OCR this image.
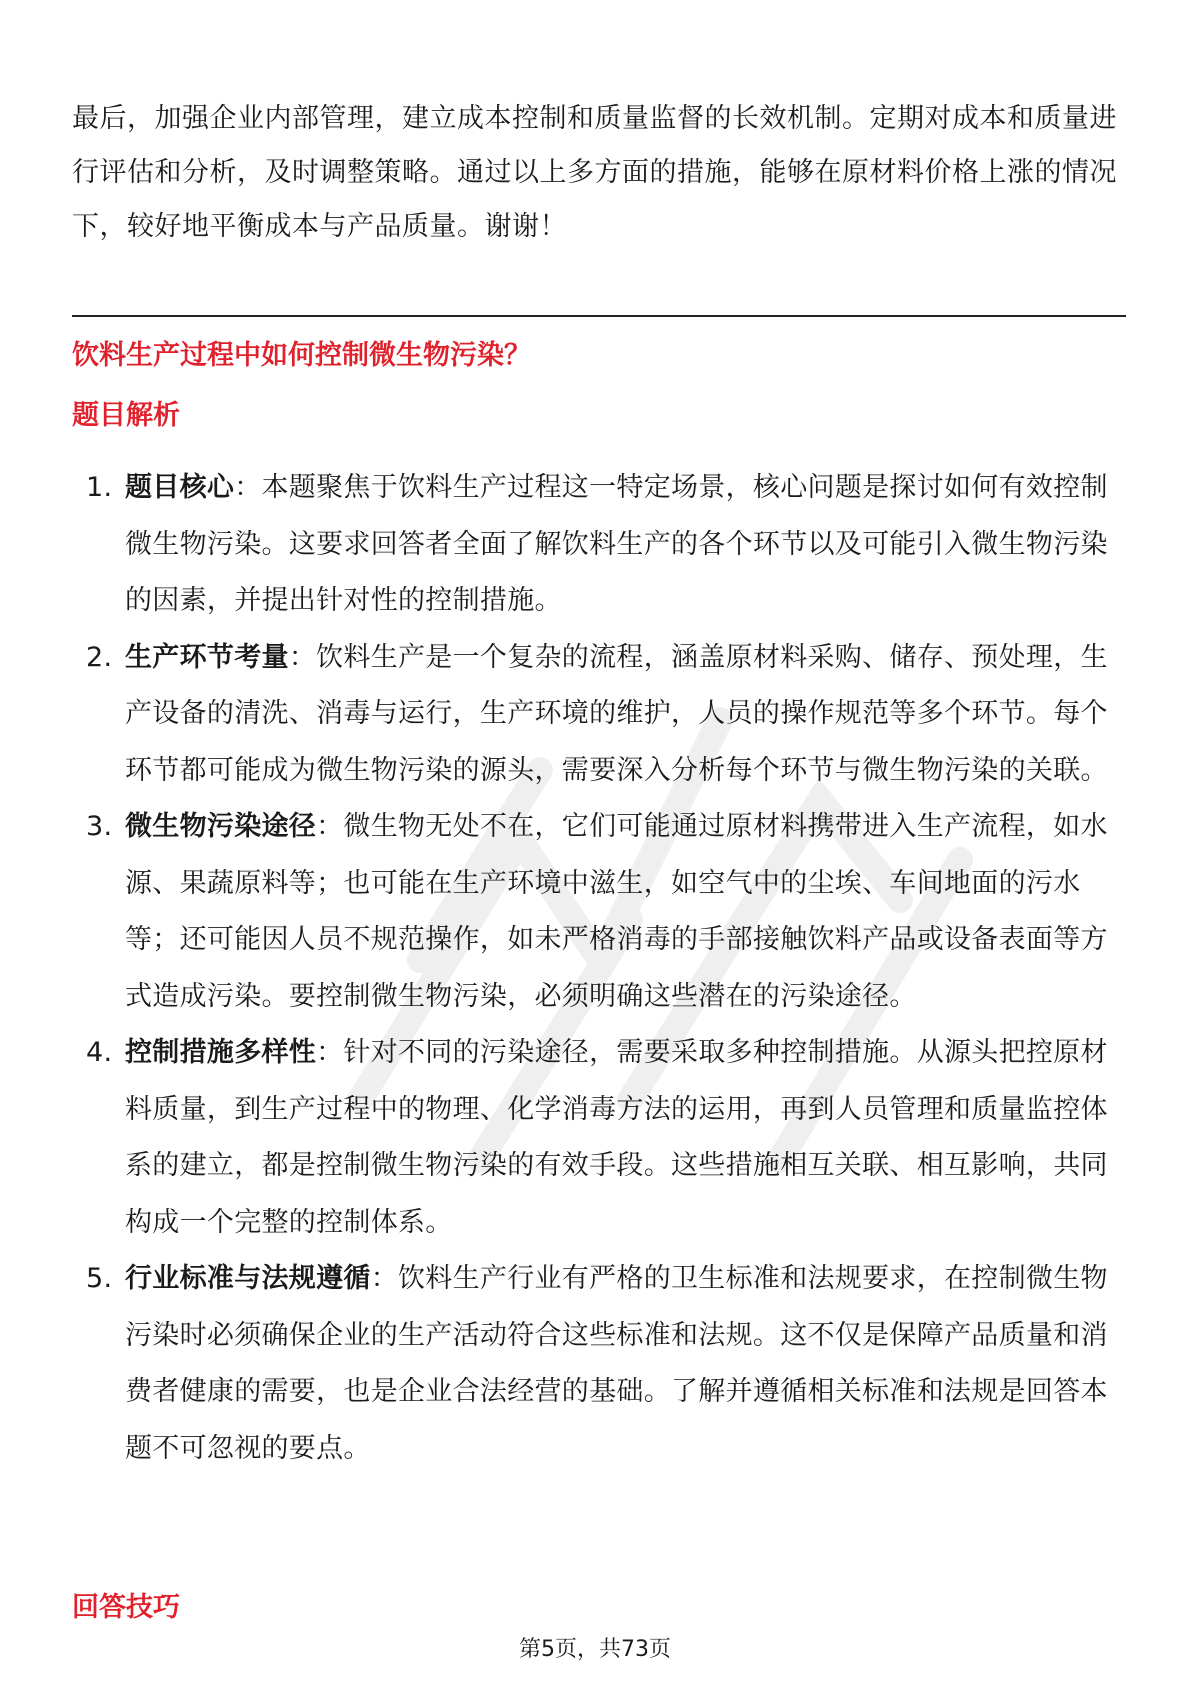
最后，加强企业内部管理，建立成本控制和质量监督的长效机制。定期对成本和质量进行评估和分析，及时调整策略。通过以上多方面的措施，能够在原材料价格上涨的情况下，较好地平衡成本与产品质量。谢谢！

饮料生产过程中如何控制微生物污染？
题目解析
1. 题目核心：本题聚焦于饮料生产过程这一特定场景，核心问题是探讨如何有效控制微生物污染。这要求回答者全面了解饮料生产的各个环节以及可能引入微生物污染的因素，并提出针对性的控制措施。
2. 生产环节考量：饮料生产是一个复杂的流程，涵盖原材料采购、储存、预处理，生产设备的清洗、消毒与运行，生产环境的维护，人员的操作规范等多个环节。每个环节都可能成为微生物污染的源头，需要深入分析每个环节与微生物污染的关联。
3. 微生物污染途径：微生物无处不在，它们可能通过原材料携带进入生产流程，如水源、果蔬原料等；也可能在生产环境中滋生，如空气中的尘埃、车间地面的污水等；还可能因人员不规范操作，如未严格消毒的手部接触饮料产品或设备表面等方式造成污染。要控制微生物污染，必须明确这些潜在的污染途径。
4. 控制措施多样性：针对不同的污染途径，需要采取多种控制措施。从源头把控原材料质量，到生产过程中的物理、化学消毒方法的运用，再到人员管理和质量监控体系的建立，都是控制微生物污染的有效手段。这些措施相互关联、相互影响，共同构成一个完整的控制体系。
5. 行业标准与法规遵循：饮料生产行业有严格的卫生标准和法规要求，在控制微生物污染时必须确保企业的生产活动符合这些标准和法规。这不仅是保障产品质量和消费者健康的需要，也是企业合法经营的基础。了解并遵循相关标准和法规是回答本题不可忽视的要点。
回答技巧

第5页，共73页
